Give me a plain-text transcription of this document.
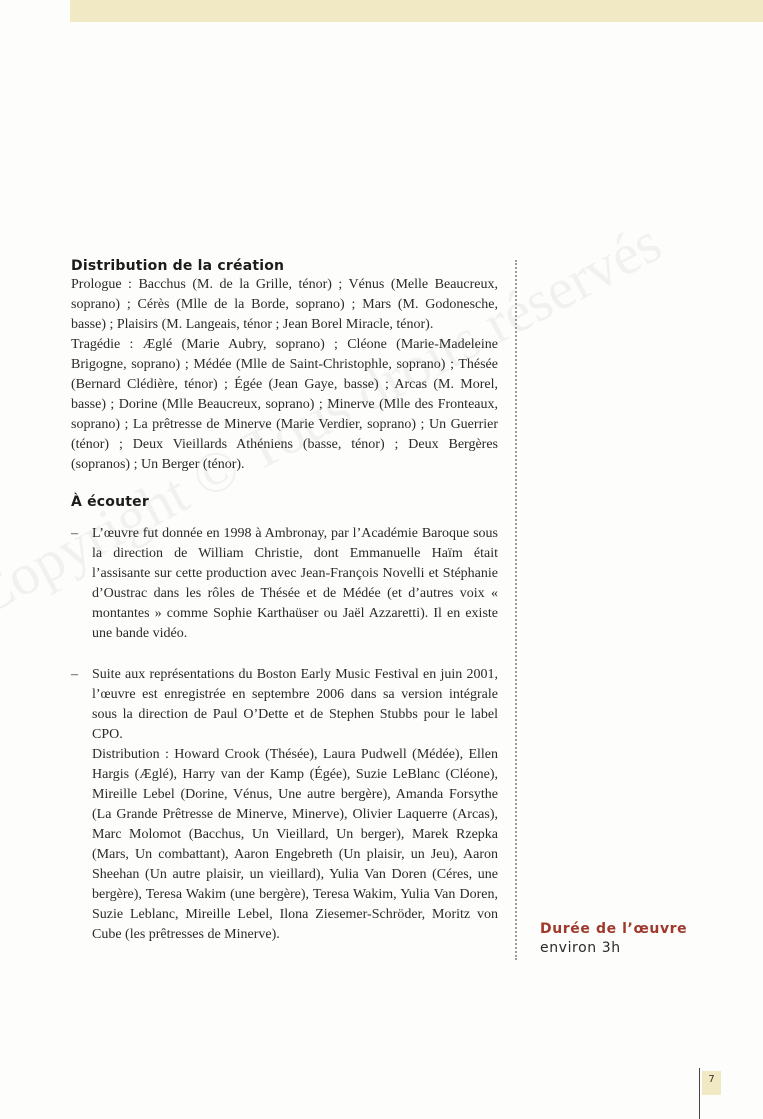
Distribution de la création

Prologue : Bacchus (M. de la Grille, ténor) ; Vénus (Melle Beaucreux, soprano) ; Cérès (Mlle de la Borde, soprano) ; Mars (M. Godonesche, basse) ; Plaisirs (M. Langeais, ténor ; Jean Borel Miracle, ténor).

Tragédie : Æglé (Marie Aubry, soprano) ; Cléone (Marie-Madeleine Brigogne, soprano) ; Médée (Mlle de Saint-Christophle, soprano) ; Thésée (Bernard Clédière, ténor) ; Égée (Jean Gaye, basse) ; Arcas (M. Morel, basse) ; Dorine (Mlle Beaucreux, soprano) ; Minerve (Mlle des Fronteaux, soprano) ; La prêtresse de Minerve (Marie Verdier, soprano) ; Un Guerrier (ténor) ; Deux Vieillards Athéniens (basse, ténor) ; Deux Bergères (sopranos) ; Un Berger (ténor).

À écouter
– L’œuvre fut donnée en 1998 à Ambronay, par l’Académie Baroque sous la direction de William Christie, dont Emmanuelle Haïm était l’assisante sur cette production avec Jean-François Novelli et Stéphanie d’Oustrac dans les rôles de Thésée et de Médée (et d’autres voix « montantes » comme Sophie Karthaüser ou Jaël Azzaretti). Il en existe une bande vidéo.

– Suite aux représentations du Boston Early Music Festival en juin 2001, l’œuvre est enregistrée en septembre 2006 dans sa version intégrale sous la direction de Paul O’Dette et de Stephen Stubbs pour le label CPO.

Distribution : Howard Crook (Thésée), Laura Pudwell (Médée), Ellen Hargis (Æglé), Harry van der Kamp (Égée), Suzie LeBlanc (Cléone), Mireille Lebel (Dorine, Vénus, Une autre bergère), Amanda Forsythe (La Grande Prêtresse de Minerve, Minerve), Olivier Laquerre (Arcas), Marc Molomot (Bacchus, Un Vieillard, Un berger), Marek Rzepka (Mars, Un combattant), Aaron Engebreth (Un plaisir, un Jeu), Aaron Sheehan (Un autre plaisir, un vieillard), Yulia Van Doren (Céres, une bergère), Teresa Wakim (une bergère), Teresa Wakim, Yulia Van Doren, Suzie Leblanc, Mireille Lebel, Ilona Ziesemer-Schröder, Moritz von Cube (les prêtresses de Minerve).	Durée de l’œuvre
environ 3h
7
